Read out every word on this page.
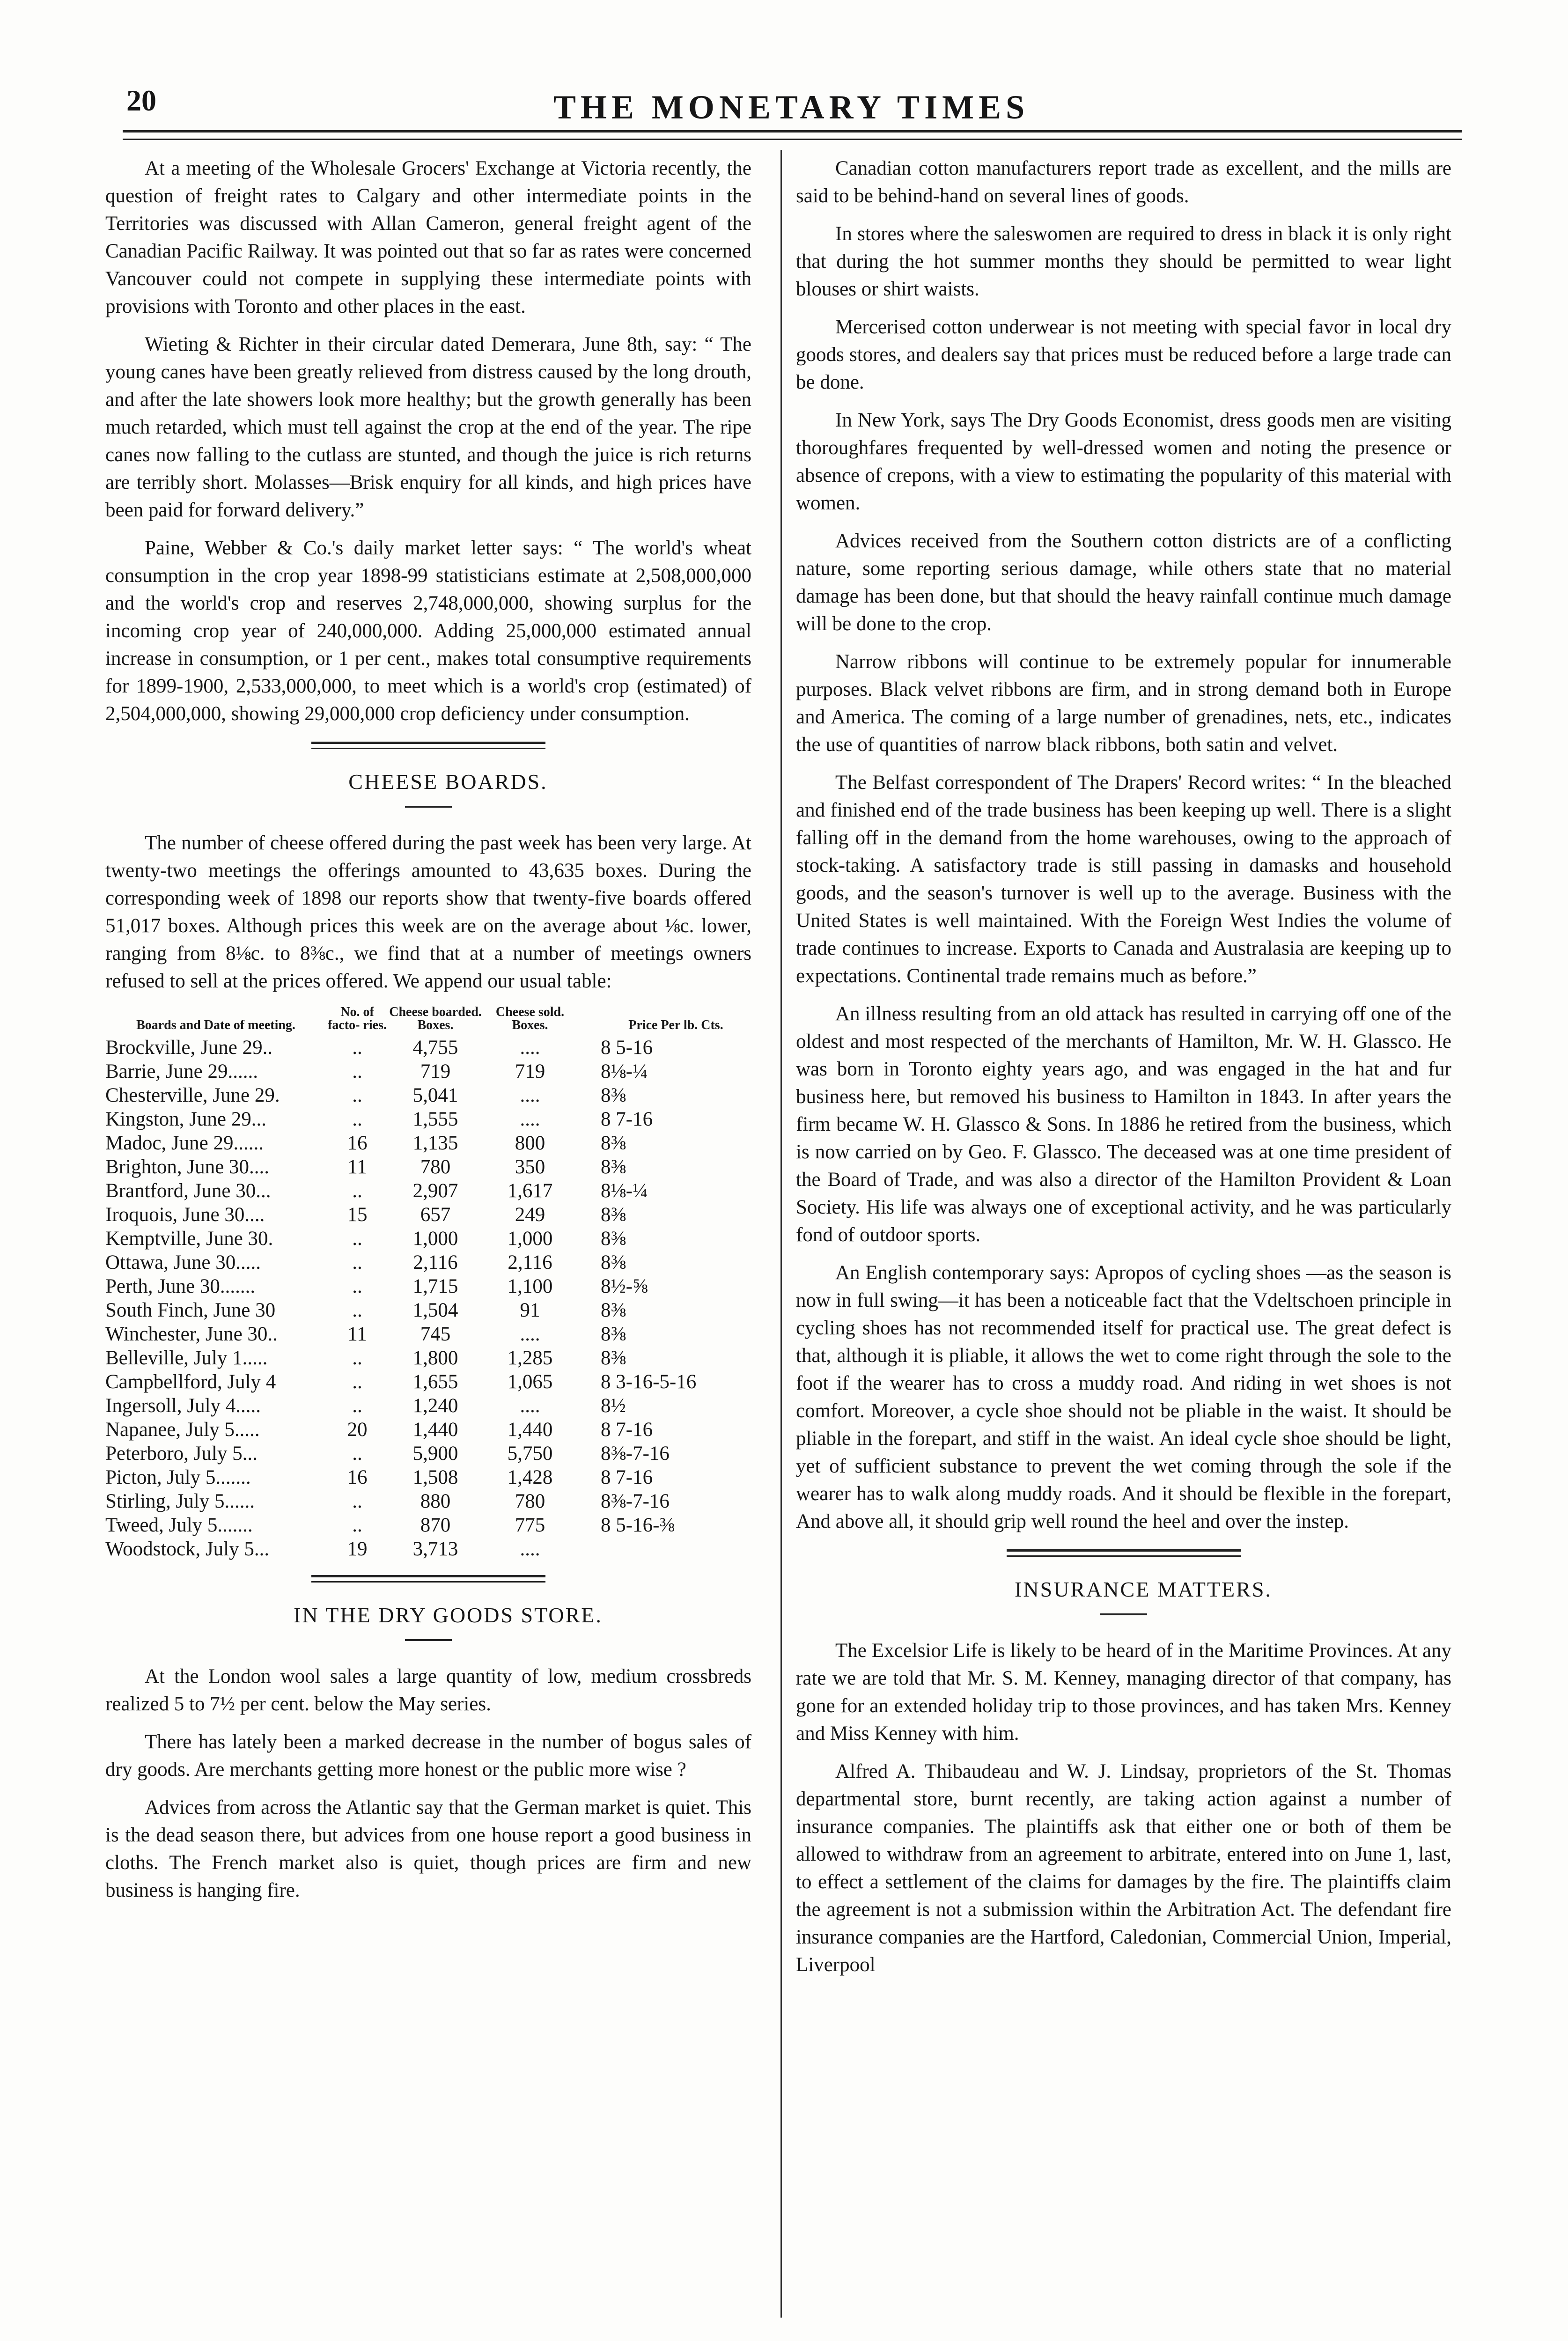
20	THE MONETARY TIMES

At a meeting of the Wholesale Grocers' Exchange at Victoria recently, the question of freight rates to Calgary and other intermediate points in the Territories was discussed with Allan Cameron, general freight agent of the Canadian Pacific Railway. It was pointed out that so far as rates were concerned Vancouver could not compete in supplying these intermediate points with provisions with Toronto and other places in the east.

Wieting & Richter in their circular dated Demerara, June 8th, say: “ The young canes have been greatly relieved from distress caused by the long drouth, and after the late showers look more healthy; but the growth generally has been much retarded, which must tell against the crop at the end of the year. The ripe canes now falling to the cutlass are stunted, and though the juice is rich returns are terribly short. Molasses—Brisk enquiry for all kinds, and high prices have been paid for forward delivery.”

Paine, Webber & Co.'s daily market letter says: “ The world's wheat consumption in the crop year 1898-99 statisticians estimate at 2,508,000,000 and the world's crop and reserves 2,748,000,000, showing surplus for the incoming crop year of 240,000,000. Adding 25,000,000 estimated annual increase in consumption, or 1 per cent., makes total consumptive requirements for 1899-1900, 2,533,000,000, to meet which is a world's crop (estimated) of 2,504,000,000, showing 29,000,000 crop deficiency under consumption.

CHEESE BOARDS.

The number of cheese offered during the past week has been very large. At twenty-two meetings the offerings amounted to 43,635 boxes. During the corresponding week of 1898 our reports show that twenty-five boards offered 51,017 boxes. Although prices this week are on the average about ⅛c. lower, ranging from 8⅛c. to 8⅜c., we find that at a number of meetings owners refused to sell at the prices offered. We append our usual table:

Boards and Date of meeting.	No. of facto- ries.	Cheese boarded. Boxes.	Cheese sold. Boxes.	Price Per lb. Cts.
Brockville, June 29..	..	4,755	....	8 5-16
Barrie, June 29......	..	719	719	8⅛-¼
Chesterville, June 29.	..	5,041	....	8⅜
Kingston, June 29...	..	1,555	....	8 7-16
Madoc, June 29......	16	1,135	800	8⅜
Brighton, June 30....	11	780	350	8⅜
Brantford, June 30...	..	2,907	1,617	8⅛-¼
Iroquois, June 30....	15	657	249	8⅜
Kemptville, June 30.	..	1,000	1,000	8⅜
Ottawa, June 30.....	..	2,116	2,116	8⅜
Perth, June 30.......	..	1,715	1,100	8½-⅝
South Finch, June 30	..	1,504	91	8⅜
Winchester, June 30..	11	745	....	8⅜
Belleville, July 1.....	..	1,800	1,285	8⅜
Campbellford, July 4	..	1,655	1,065	8 3-16-5-16
Ingersoll, July 4.....	..	1,240	....	8½
Napanee, July 5.....	20	1,440	1,440	8 7-16
Peterboro, July 5...	..	5,900	5,750	8⅜-7-16
Picton, July 5.......	16	1,508	1,428	8 7-16
Stirling, July 5......	..	880	780	8⅜-7-16
Tweed, July 5.......	..	870	775	8 5-16-⅜
Woodstock, July 5...	19	3,713	....	

IN THE DRY GOODS STORE.

At the London wool sales a large quantity of low, medium crossbreds realized 5 to 7½ per cent. below the May series.

There has lately been a marked decrease in the number of bogus sales of dry goods. Are merchants getting more honest or the public more wise ?

Advices from across the Atlantic say that the German market is quiet. This is the dead season there, but advices from one house report a good business in cloths. The French market also is quiet, though prices are firm and new business is hanging fire.

Canadian cotton manufacturers report trade as excellent, and the mills are said to be behind-hand on several lines of goods.

In stores where the saleswomen are required to dress in black it is only right that during the hot summer months they should be permitted to wear light blouses or shirt waists.

Mercerised cotton underwear is not meeting with special favor in local dry goods stores, and dealers say that prices must be reduced before a large trade can be done.

In New York, says The Dry Goods Economist, dress goods men are visiting thoroughfares frequented by well-dressed women and noting the presence or absence of crepons, with a view to estimating the popularity of this material with women.

Advices received from the Southern cotton districts are of a conflicting nature, some reporting serious damage, while others state that no material damage has been done, but that should the heavy rainfall continue much damage will be done to the crop.

Narrow ribbons will continue to be extremely popular for innumerable purposes. Black velvet ribbons are firm, and in strong demand both in Europe and America. The coming of a large number of grenadines, nets, etc., indicates the use of quantities of narrow black ribbons, both satin and velvet.

The Belfast correspondent of The Drapers' Record writes: “ In the bleached and finished end of the trade business has been keeping up well. There is a slight falling off in the demand from the home warehouses, owing to the approach of stock-taking. A satisfactory trade is still passing in damasks and household goods, and the season's turnover is well up to the average. Business with the United States is well maintained. With the Foreign West Indies the volume of trade continues to increase. Exports to Canada and Australasia are keeping up to expectations. Continental trade remains much as before.”

An illness resulting from an old attack has resulted in carrying off one of the oldest and most respected of the merchants of Hamilton, Mr. W. H. Glassco. He was born in Toronto eighty years ago, and was engaged in the hat and fur business here, but removed his business to Hamilton in 1843. In after years the firm became W. H. Glassco & Sons. In 1886 he retired from the business, which is now carried on by Geo. F. Glassco. The deceased was at one time president of the Board of Trade, and was also a director of the Hamilton Provident & Loan Society. His life was always one of exceptional activity, and he was particularly fond of outdoor sports.

An English contemporary says: Apropos of cycling shoes —as the season is now in full swing—it has been a noticeable fact that the Vdeltschoen principle in cycling shoes has not recommended itself for practical use. The great defect is that, although it is pliable, it allows the wet to come right through the sole to the foot if the wearer has to cross a muddy road. And riding in wet shoes is not comfort. Moreover, a cycle shoe should not be pliable in the waist. It should be pliable in the forepart, and stiff in the waist. An ideal cycle shoe should be light, yet of sufficient substance to prevent the wet coming through the sole if the wearer has to walk along muddy roads. And it should be flexible in the forepart, And above all, it should grip well round the heel and over the instep.

INSURANCE MATTERS.

The Excelsior Life is likely to be heard of in the Maritime Provinces. At any rate we are told that Mr. S. M. Kenney, managing director of that company, has gone for an extended holiday trip to those provinces, and has taken Mrs. Kenney and Miss Kenney with him.

Alfred A. Thibaudeau and W. J. Lindsay, proprietors of the St. Thomas departmental store, burnt recently, are taking action against a number of insurance companies. The plaintiffs ask that either one or both of them be allowed to withdraw from an agreement to arbitrate, entered into on June 1, last, to effect a settlement of the claims for damages by the fire. The plaintiffs claim the agreement is not a submission within the Arbitration Act. The defendant fire insurance companies are the Hartford, Caledonian, Commercial Union, Imperial, Liverpool
